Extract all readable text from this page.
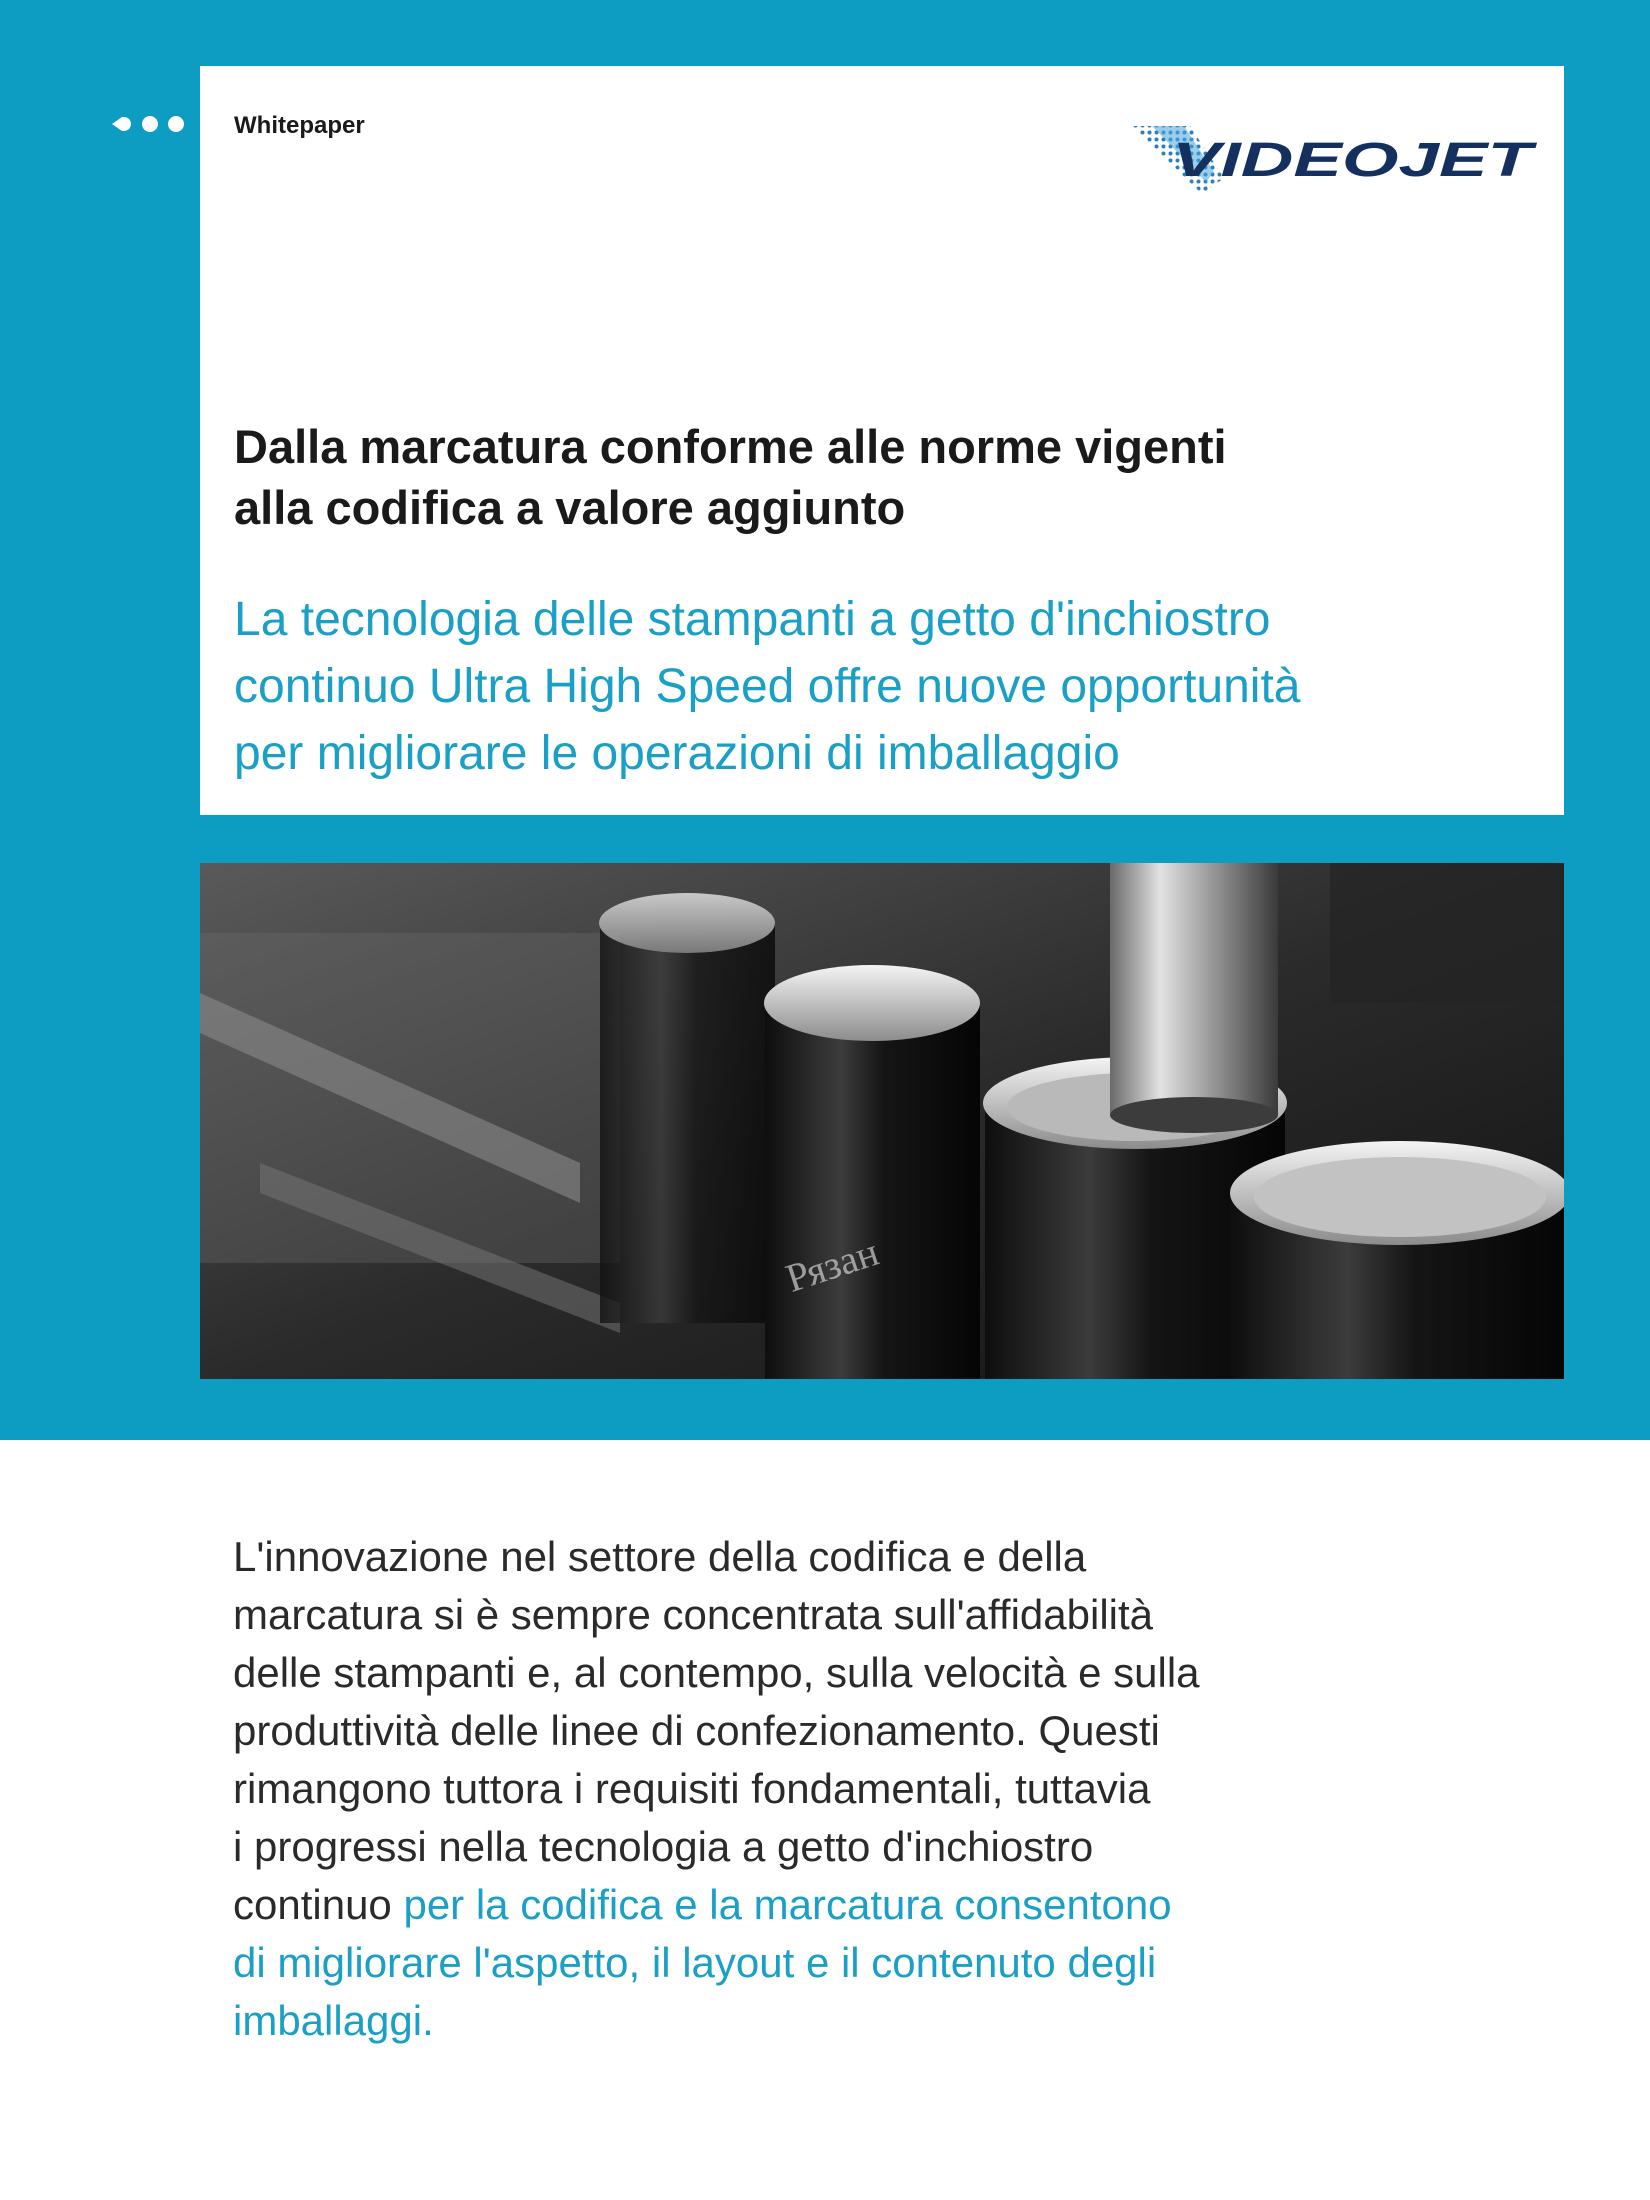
Whitepaper
VIDEOJET
Dalla marcatura conforme alle norme vigenti
alla codifica a valore aggiunto
La tecnologia delle stampanti a getto d'inchiostro
continuo Ultra High Speed offre nuove opportunità
per migliorare le operazioni di imballaggio
Рязан

L'innovazione nel settore della codifica e della
marcatura si è sempre concentrata sull'affidabilità
delle stampanti e, al contempo, sulla velocità e sulla
produttività delle linee di confezionamento. Questi
rimangono tuttora i requisiti fondamentali, tuttavia
i progressi nella tecnologia a getto d'inchiostro
continuo per la codifica e la marcatura consentono
di migliorare l'aspetto, il layout e il contenuto degli
imballaggi.
